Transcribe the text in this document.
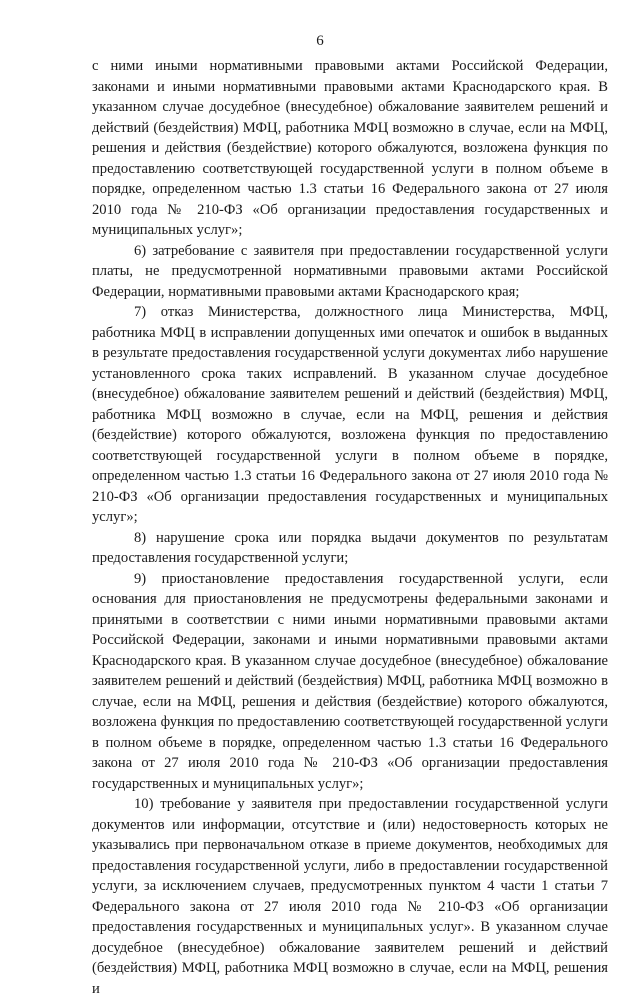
6

с ними иными нормативными правовыми актами Российской Федерации, законами и иными нормативными правовыми актами Краснодарского края. В указанном случае досудебное (внесудебное) обжалование заявителем решений и действий (бездействия) МФЦ, работника МФЦ возможно в случае, если на МФЦ, решения и действия (бездействие) которого обжалуются, возложена функция по предоставлению соответствующей государственной услуги в полном объеме в порядке, определенном частью 1.3 статьи 16 Федерального закона от 27 июля 2010 года № 210-ФЗ «Об организации предоставления государственных и муниципальных услуг»;

6) затребование с заявителя при предоставлении государственной услуги платы, не предусмотренной нормативными правовыми актами Российской Федерации, нормативными правовыми актами Краснодарского края;

7) отказ Министерства, должностного лица Министерства, МФЦ, работника МФЦ в исправлении допущенных ими опечаток и ошибок в выданных в результате предоставления государственной услуги документах либо нарушение установленного срока таких исправлений. В указанном случае досудебное (внесудебное) обжалование заявителем решений и действий (бездействия) МФЦ, работника МФЦ возможно в случае, если на МФЦ, решения и действия (бездействие) которого обжалуются, возложена функция по предоставлению соответствующей государственной услуги в полном объеме в порядке, определенном частью 1.3 статьи 16 Федерального закона от 27 июля 2010 года № 210-ФЗ «Об организации предоставления государственных и муниципальных услуг»;

8) нарушение срока или порядка выдачи документов по результатам предоставления государственной услуги;

9) приостановление предоставления государственной услуги, если основания для приостановления не предусмотрены федеральными законами и принятыми в соответствии с ними иными нормативными правовыми актами Российской Федерации, законами и иными нормативными правовыми актами Краснодарского края. В указанном случае досудебное (внесудебное) обжалование заявителем решений и действий (бездействия) МФЦ, работника МФЦ возможно в случае, если на МФЦ, решения и действия (бездействие) которого обжалуются, возложена функция по предоставлению соответствующей государственной услуги в полном объеме в порядке, определенном частью 1.3 статьи 16 Федерального закона от 27 июля 2010 года № 210-ФЗ «Об организации предоставления государственных и муниципальных услуг»;

10) требование у заявителя при предоставлении государственной услуги документов или информации, отсутствие и (или) недостоверность которых не указывались при первоначальном отказе в приеме документов, необходимых для предоставления государственной услуги, либо в предоставлении государственной услуги, за исключением случаев, предусмотренных пунктом 4 части 1 статьи 7 Федерального закона от 27 июля 2010 года № 210-ФЗ «Об организации предоставления государственных и муниципальных услуг». В указанном случае досудебное (внесудебное) обжалование заявителем решений и действий (бездействия) МФЦ, работника МФЦ возможно в случае, если на МФЦ, решения и
